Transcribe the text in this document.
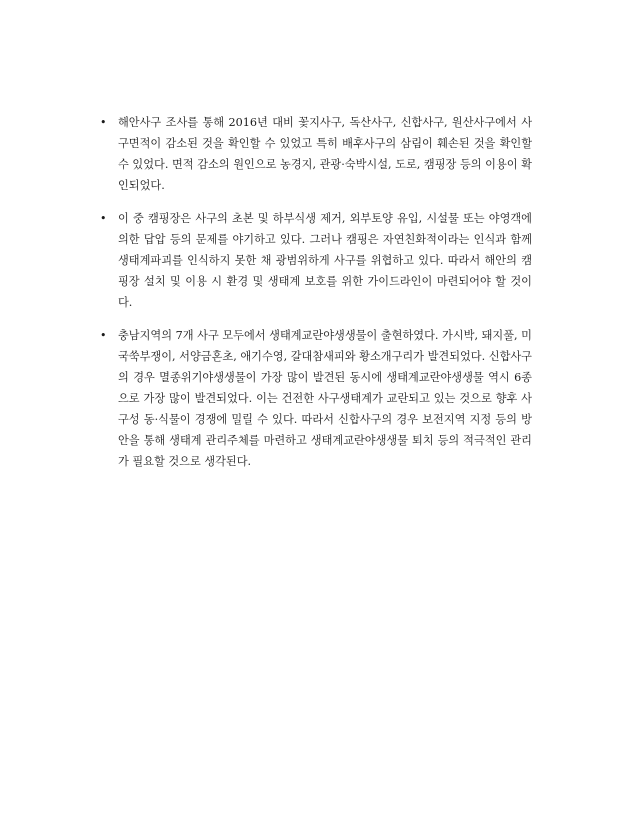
•	해안사구 조사를 통해 2016년 대비 꽃지사구, 독산사구, 신합사구, 원산사구에서 사구면적이 감소된 것을 확인할 수 있었고 특히 배후사구의 삼림이 훼손된 것을 확인할 수 있었다. 면적 감소의 원인으로 농경지, 관광·숙박시설, 도로, 캠핑장 등의 이용이 확인되었다.
•	이 중 캠핑장은 사구의 초본 및 하부식생 제거, 외부토양 유입, 시설물 또는 야영객에 의한 답압 등의 문제를 야기하고 있다. 그러나 캠핑은 자연친화적이라는 인식과 함께 생태계파괴를 인식하지 못한 채 광범위하게 사구를 위협하고 있다. 따라서 해안의 캠핑장 설치 및 이용 시 환경 및 생태계 보호를 위한 가이드라인이 마련되어야 할 것이다.
•	충남지역의 7개 사구 모두에서 생태계교란야생생물이 출현하였다. 가시박, 돼지풀, 미국쑥부쟁이, 서양금혼초, 애기수영, 갈대참새피와 황소개구리가 발견되었다. 신합사구의 경우 멸종위기야생생물이 가장 많이 발견된 동시에 생태계교란야생생물 역시 6종으로 가장 많이 발견되었다. 이는 건전한 사구생태계가 교란되고 있는 것으로 향후 사구성 동·식물이 경쟁에 밀릴 수 있다. 따라서 신합사구의 경우 보전지역 지정 등의 방안을 통해 생태계 관리주체를 마련하고 생태계교란야생생물 퇴치 등의 적극적인 관리가 필요할 것으로 생각된다.
